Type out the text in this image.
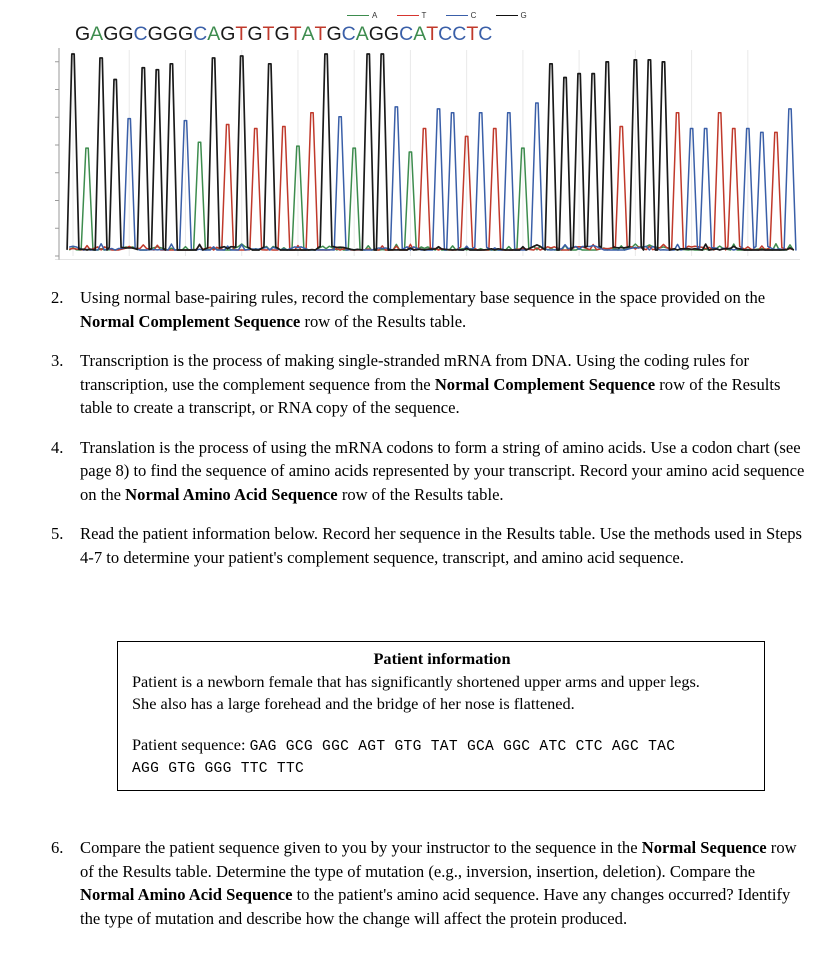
A	T	C	G
G A G G C G G G C A G T G T G T A T G C A G G C A T C C T C
2. Using normal base-pairing rules, record the complementary base sequence in the space provided on the Normal Complement Sequence row of the Results table.
3. Transcription is the process of making single-stranded mRNA from DNA. Using the coding rules for transcription, use the complement sequence from the Normal Complement Sequence row of the Results table to create a transcript, or RNA copy of the sequence.
4. Translation is the process of using the mRNA codons to form a string of amino acids. Use a codon chart (see page 8) to find the sequence of amino acids represented by your transcript. Record your amino acid sequence on the Normal Amino Acid Sequence row of the Results table.
5. Read the patient information below. Record her sequence in the Results table. Use the methods used in Steps 4-7 to determine your patient's complement sequence, transcript, and amino acid sequence.
Patient information
Patient is a newborn female that has significantly shortened upper arms and upper legs.
She also has a large forehead and the bridge of her nose is flattened.
Patient sequence: GAG GCG GGC AGT GTG TAT GCA GGC ATC CTC AGC TAC
AGG GTG GGG TTC TTC
6. Compare the patient sequence given to you by your instructor to the sequence in the Normal Sequence row of the Results table. Determine the type of mutation (e.g., inversion, insertion, deletion). Compare the Normal Amino Acid Sequence to the patient's amino acid sequence. Have any changes occurred? Identify the type of mutation and describe how the change will affect the protein produced.
